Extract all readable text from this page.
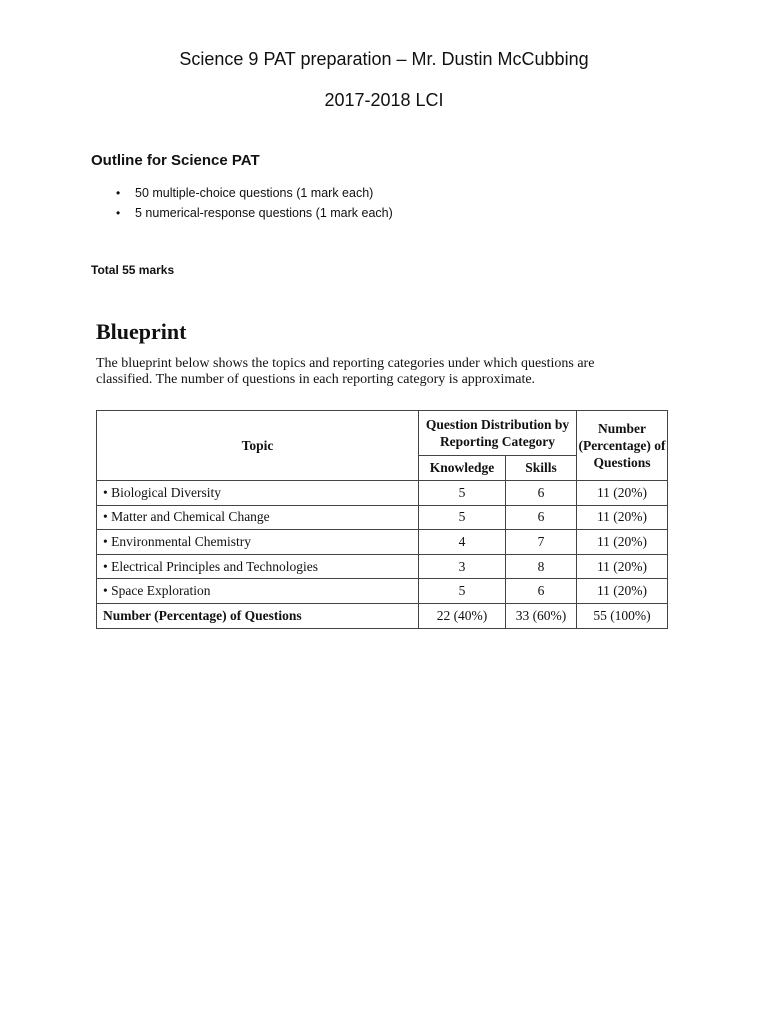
Science 9 PAT preparation – Mr. Dustin McCubbing
2017-2018 LCI
Outline for Science PAT
• 50 multiple-choice questions (1 mark each)
• 5 numerical-response questions (1 mark each)
Total 55 marks
Blueprint

The blueprint below shows the topics and reporting categories under which questions are classified. The number of questions in each reporting category is approximate.

Topic	Question Distribution by Reporting Category		Number (Percentage) of Questions
	Knowledge	Skills	
• Biological Diversity	5	6	11 (20%)
• Matter and Chemical Change	5	6	11 (20%)
• Environmental Chemistry	4	7	11 (20%)
• Electrical Principles and Technologies	3	8	11 (20%)
• Space Exploration	5	6	11 (20%)
Number (Percentage) of Questions	22 (40%)	33 (60%)	55 (100%)
